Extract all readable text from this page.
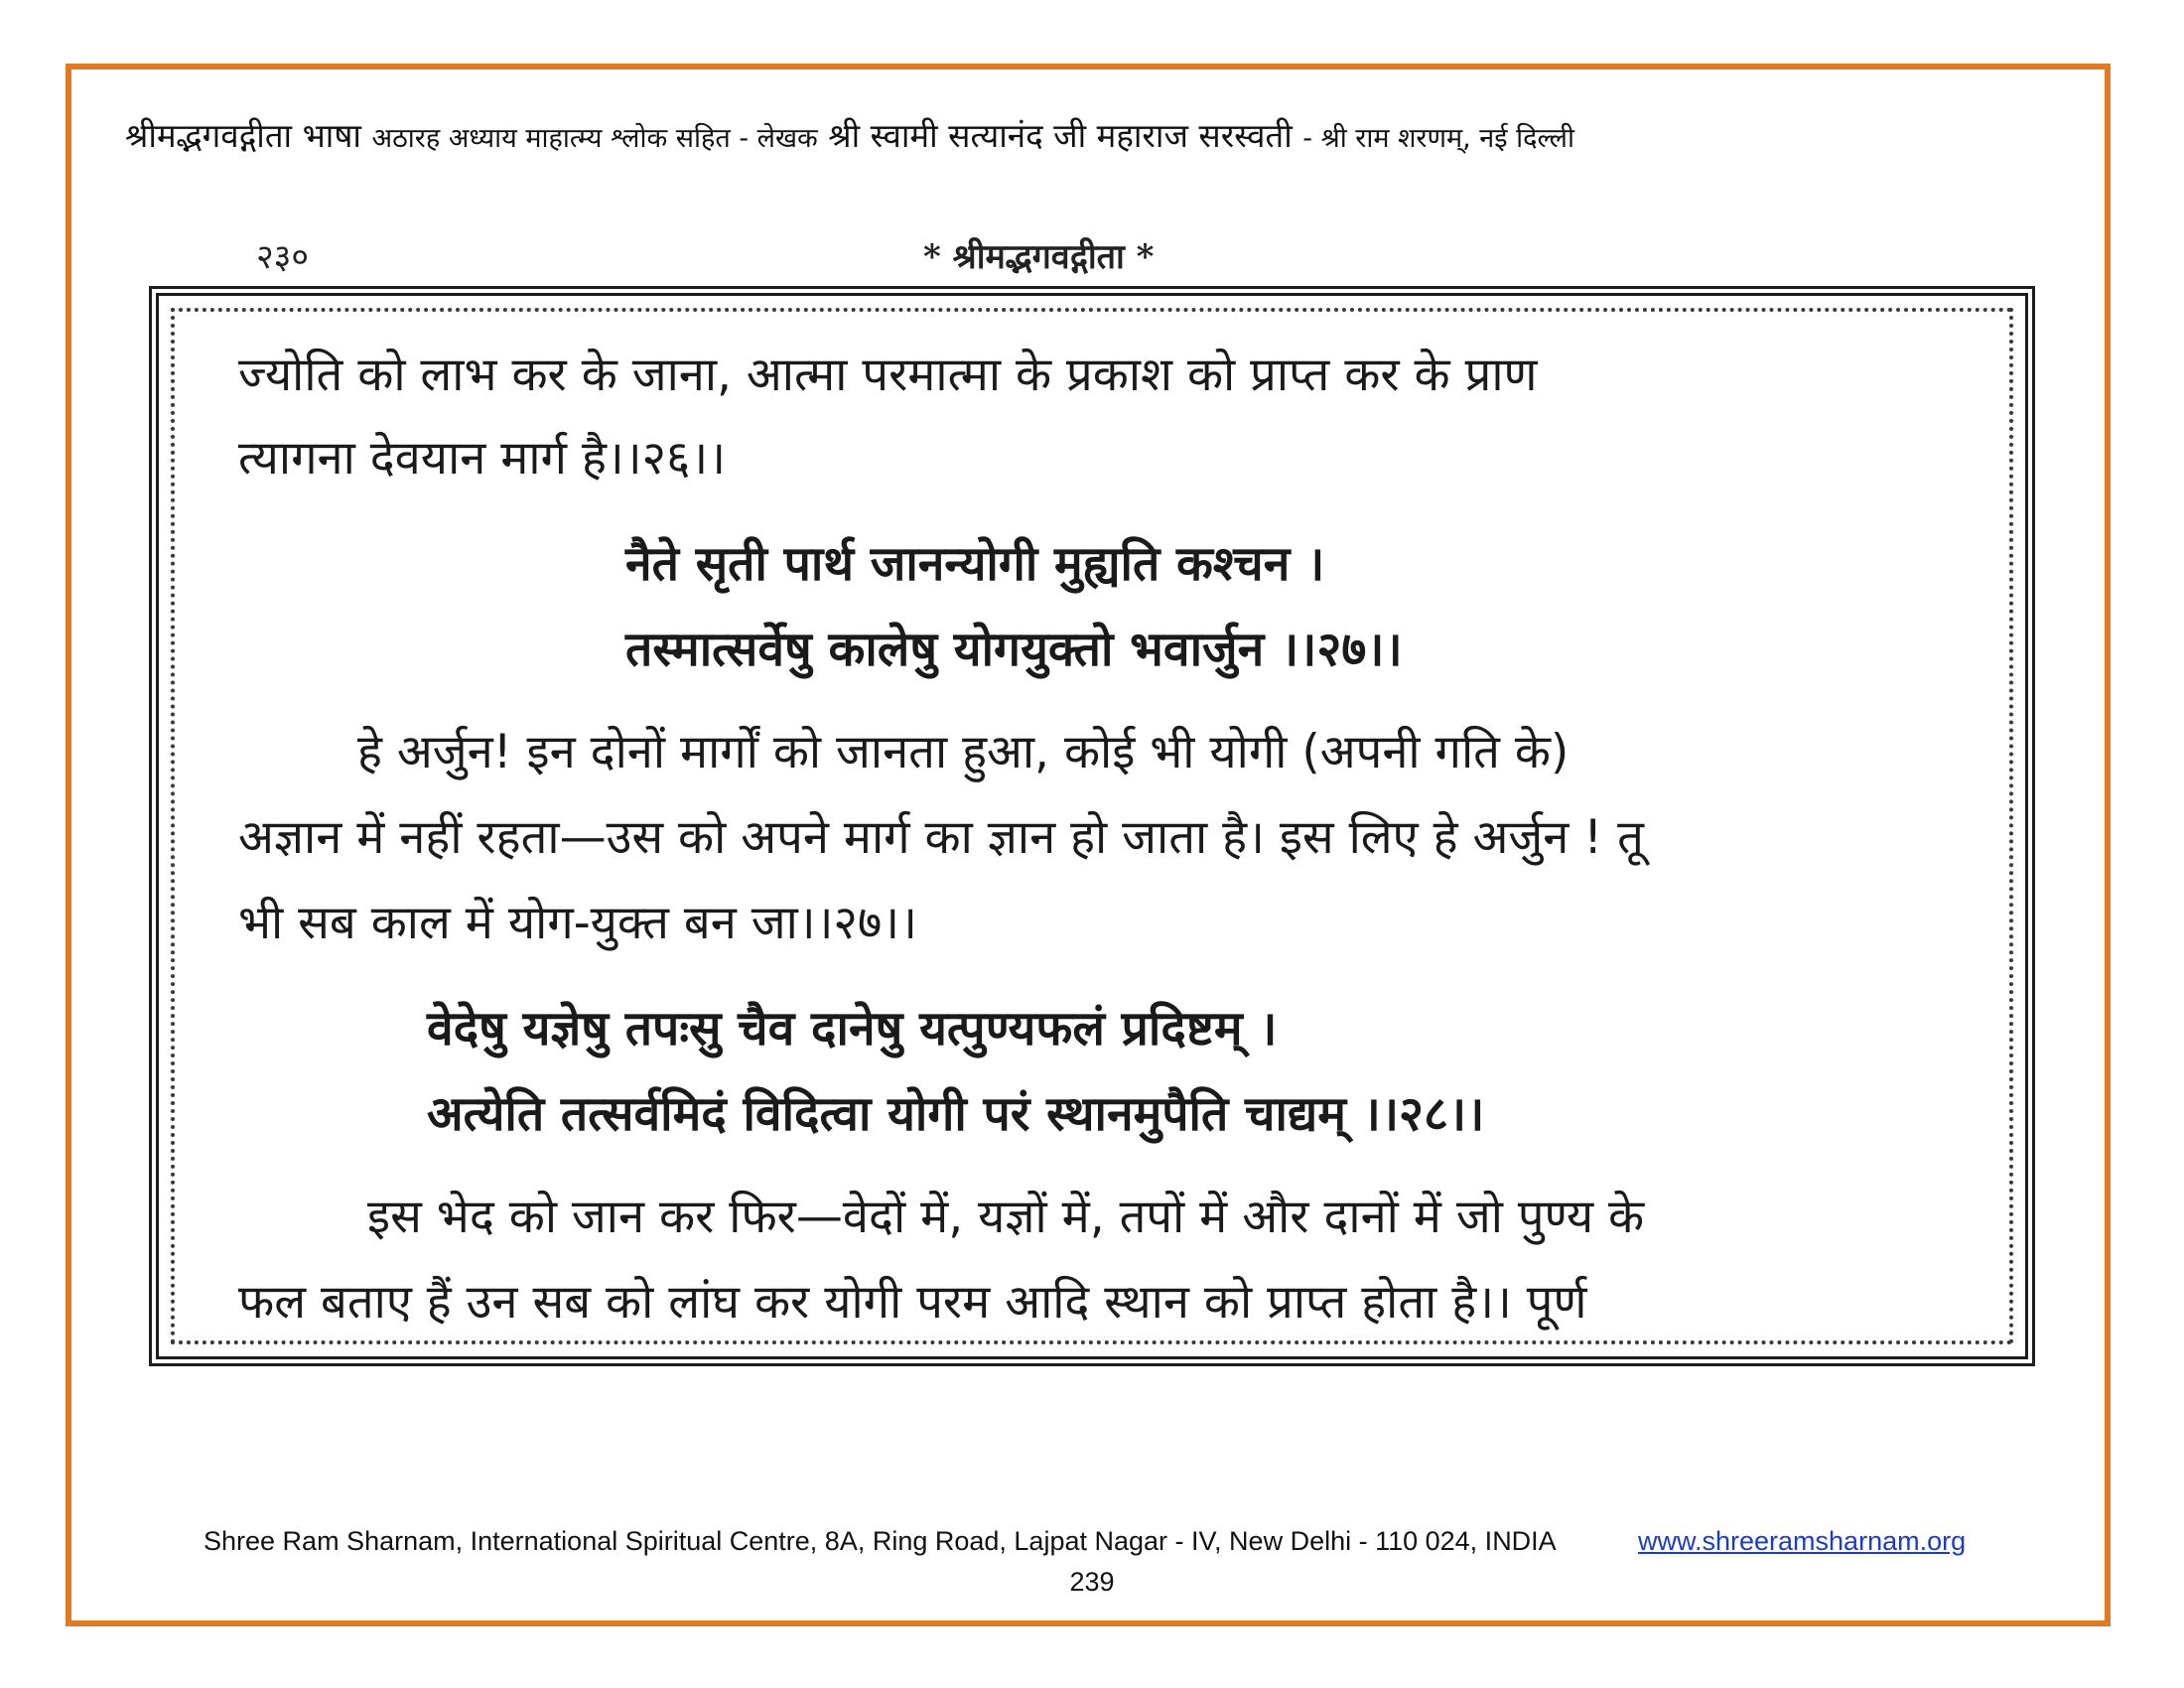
श्रीमद्भगवद्गीता भाषा अठारह अध्याय माहात्म्य श्लोक सहित - लेखक श्री स्वामी सत्यानंद जी महाराज सरस्वती - श्री राम शरणम्, नई दिल्ली
२३०	* श्रीमद्भगवद्गीता *
ज्योति को लाभ कर के जाना, आत्मा परमात्मा के प्रकाश को प्राप्त कर के प्राण
त्यागना देवयान मार्ग है।।२६।।
नैते सृती पार्थ जानन्योगी मुह्यति कश्चन ।
तस्मात्सर्वेषु कालेषु योगयुक्तो भवार्जुन ।।२७।।
हे अर्जुन! इन दोनों मार्गों को जानता हुआ, कोई भी योगी (अपनी गति के)
अज्ञान में नहीं रहता—उस को अपने मार्ग का ज्ञान हो जाता है। इस लिए हे अर्जुन ! तू
भी सब काल में योग-युक्त बन जा।।२७।।
वेदेषु यज्ञेषु तपःसु चैव दानेषु यत्पुण्यफलं प्रदिष्टम् ।
अत्येति तत्सर्वमिदं विदित्वा योगी परं स्थानमुपैति चाद्यम् ।।२८।।
इस भेद को जान कर फिर—वेदों में, यज्ञों में, तपों में और दानों में जो पुण्य के
फल बताए हैं उन सब को लांघ कर योगी परम आदि स्थान को प्राप्त होता है।। पूर्ण
Shree Ram Sharnam, International Spiritual Centre, 8A, Ring Road, Lajpat Nagar - IV, New Delhi - 110 024, INDIA	www.shreeramsharnam.org
239
